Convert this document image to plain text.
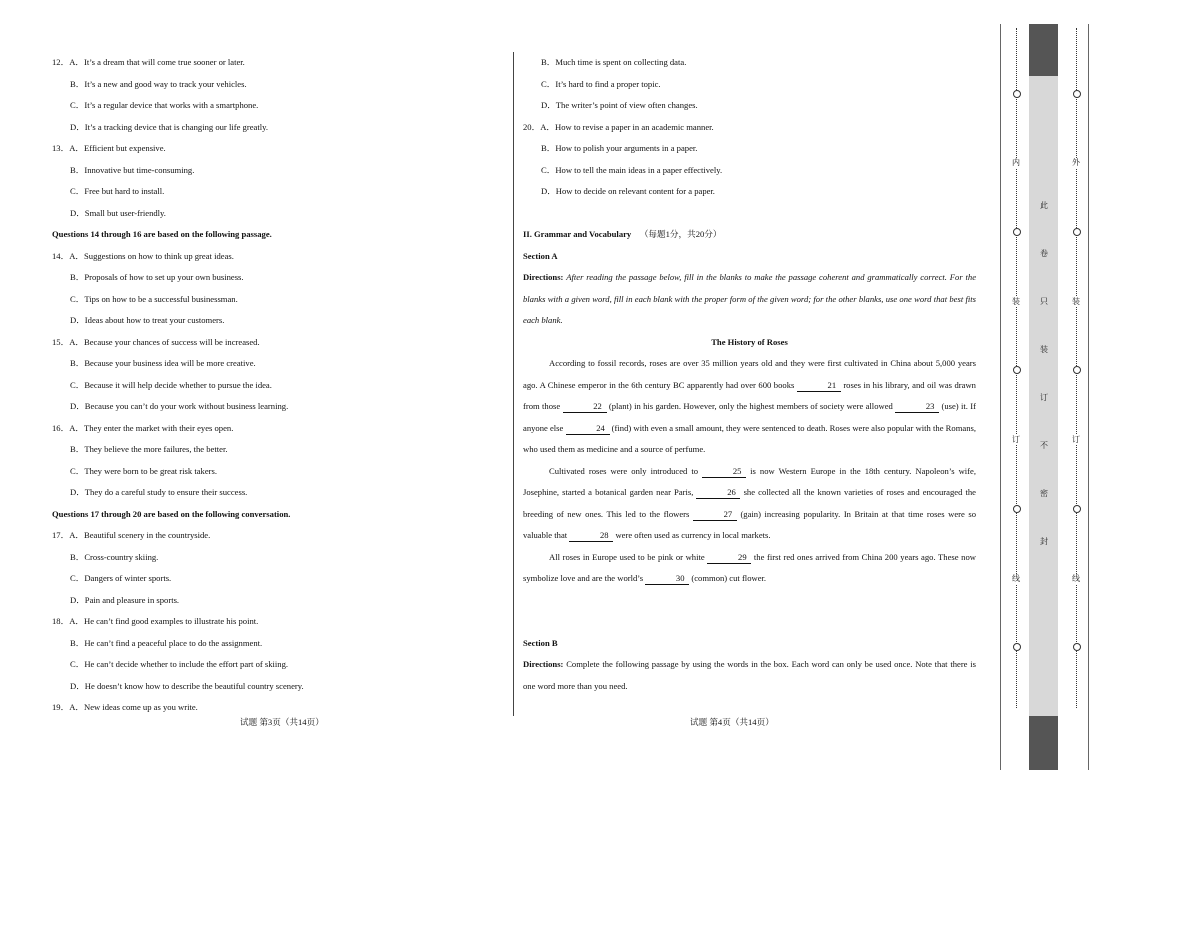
12．A．It’s a dream that will come true sooner or later.
B．It’s a new and good way to track your vehicles.
C．It’s a regular device that works with a smartphone.
D．It’s a tracking device that is changing our life greatly.
13．A．Efficient but expensive.
B．Innovative but time-consuming.
C．Free but hard to install.
D．Small but user-friendly.
Questions 14 through 16 are based on the following passage.
14．A．Suggestions on how to think up great ideas.
B．Proposals of how to set up your own business.
C．Tips on how to be a successful businessman.
D．Ideas about how to treat your customers.
15．A．Because your chances of success will be increased.
B．Because your business idea will be more creative.
C．Because it will help decide whether to pursue the idea.
D．Because you can’t do your work without business learning.
16．A．They enter the market with their eyes open.
B．They believe the more failures, the better.
C．They were born to be great risk takers.
D．They do a careful study to ensure their success.
Questions 17 through 20 are based on the following conversation.
17．A．Beautiful scenery in the countryside.
B．Cross-country skiing.
C．Dangers of winter sports.
D．Pain and pleasure in sports.
18．A．He can’t find good examples to illustrate his point.
B．He can’t find a peaceful place to do the assignment.
C．He can’t decide whether to include the effort part of skiing.
D．He doesn’t know how to describe the beautiful country scenery.
19．A．New ideas come up as you write.
B．Much time is spent on collecting data.
C．It’s hard to find a proper topic.
D．The writer’s point of view often changes.
20．A．How to revise a paper in an academic manner.
B．How to polish your arguments in a paper.
C．How to tell the main ideas in a paper effectively.
D．How to decide on relevant content for a paper.
II. Grammar and Vocabulary （每题1分，共20分）
Section A
Directions: After reading the passage below, fill in the blanks to make the passage coherent and grammatically correct. For the blanks with a given word, fill in each blank with the proper form of the given word; for the other blanks, use one word that best fits each blank.
The History of Roses
According to fossil records, roses are over 35 million years old and they were first cultivated in China about 5,000 years ago. A Chinese emperor in the 6th century BC apparently had over 600 books	21 roses in his library, and oil was drawn from those	22 (plant) in his garden. However, only the highest members of society were allowed	23 (use) it. If anyone else	24 (find) with even a small amount, they were sentenced to death. Roses were also popular with the Romans, who used them as medicine and a source of perfume.
Cultivated roses were only introduced to	25 is now Western Europe in the 18th century. Napoleon’s wife, Josephine, started a botanical garden near Paris,	26 she collected all the known varieties of roses and encouraged the breeding of new ones. This led to the flowers	27 (gain) increasing popularity. In Britain at that time roses were so valuable that	28 were often used as currency in local markets.
All roses in Europe used to be pink or white	29 the first red ones arrived from China 200 years ago. These now symbolize love and are the world’s	30 (common) cut flower.
Section B
Directions: Complete the following passage by using the words in the box. Each word can only be used once. Note that there is one word more than you need.
试题 第3页（共14页）	试题 第4页（共14页）
内
装
订
线
外
装
订
线
此
卷
只
装
订
不
密
封
